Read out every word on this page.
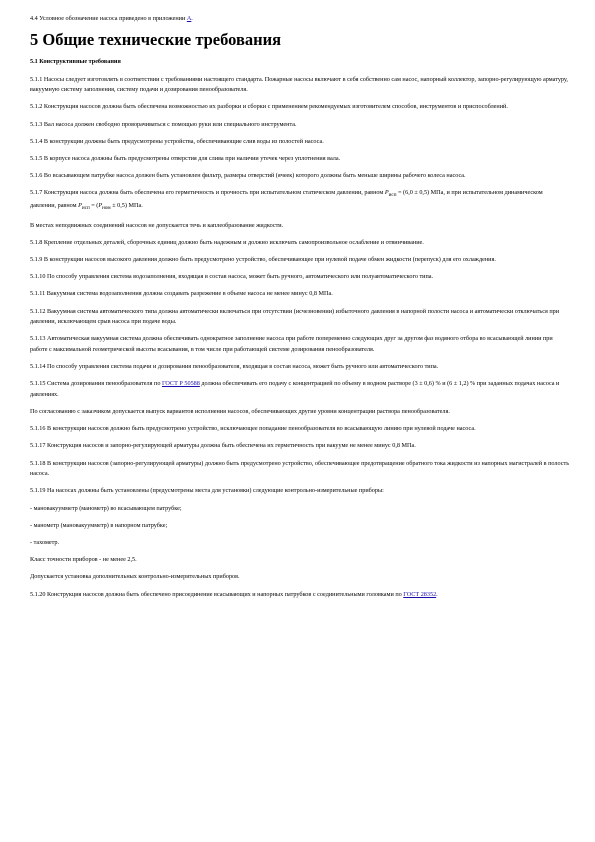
4.4 Условное обозначение насоса приведено в приложении А.

5 Общие технические требования

5.1 Конструктивные требования

5.1.1 Насосы следует изготовлять в соответствии с требованиями настоящего стандарта. Пожарные насосы включают в себя собственно сам насос, напорный коллектор, запорно-регулирующую арматуру, вакуумную систему заполнения, систему подачи и дозирования пенообразователя.

5.1.2 Конструкция насосов должна быть обеспечена возможностью их разборки и сборки с применением рекомендуемых изготовителем способов, инструментов и приспособлений.

5.1.3 Вал насоса должен свободно проворачиваться с помощью руки или специального инструмента.

5.1.4 В конструкции должны быть предусмотрены устройства, обеспечивающие слив воды из полостей насоса.

5.1.5 В корпусе насоса должны быть предусмотрены отверстия для слива при наличии утечек через уплотнения вала.

5.1.6 Во всасывающем патрубке насоса должен быть установлен фильтр, размеры отверстий (ячеек) которого должны быть меньше ширины рабочего колеса насоса.

5.1.7 Конструкция насоса должна быть обеспечена его герметичность и прочность при испытательном статическом давлении, равном $P_{исп} = (6,0 \pm 0,5)$ МПа, и при испытательном динамическом давлении, равном $P_{исп} = (P_{ном} \pm 0,5)$ МПа.

В местах неподвижных соединений насосов не допускается течь и каплеобразование жидкости.

5.1.8 Крепление отдельных деталей, сборочных единиц должно быть надежным и должно исключать самопроизвольное ослабление и отвинчивание.

5.1.9 В конструкции насосов высокого давления должно быть предусмотрено устройство, обеспечивающее при нулевой подаче обмен жидкости (перепуск) для его охлаждения.

5.1.10 По способу управления система водозаполнения, входящая в состав насоса, может быть ручного, автоматического или полуавтоматического типа.

5.1.11 Вакуумная система водозаполнения должна создавать разрежение в объеме насоса не менее минус 0,8 МПа.

5.1.12 Вакуумная система автоматического типа должна автоматически включаться при отсутствии (исчезновении) избыточного давления в напорной полости насоса и автоматически отключаться при давлении, исключающем срыв насоса при подаче воды.

5.1.13 Автоматическая вакуумная система должна обеспечивать однократное заполнение насоса при работе попеременно следующих друг за другом фаз водяного отбора во всасывающей линии при работе с максимальной геометрической высоты всасывания, в том числе при работающей системе дозирования пенообразователя.

5.1.14 По способу управления система подачи и дозирования пенообразователя, входящая в состав насоса, может быть ручного или автоматического типа.

5.1.15 Система дозирования пенообразователя по ГОСТ Р 50588 должна обеспечивать его подачу с концентрацией по объему в водном растворе (3 ± 0,6) % и (6 ± 1,2) % при заданных подачах насоса и давлениях.

По согласованию с заказчиком допускается выпуск вариантов исполнения насосов, обеспечивающих другие уровни концентрации раствора пенообразователя.

5.1.16 В конструкции насосов должно быть предусмотрено устройство, исключающее попадание пенообразователя во всасывающую линию при нулевой подаче насоса.

5.1.17 Конструкция насосов и запорно-регулирующей арматуры должна быть обеспечена их герметичность при вакууме не менее минус 0,8 МПа.

5.1.18 В конструкции насосов (запорно-регулирующей арматуры) должно быть предусмотрено устройство, обеспечивающее предотвращение обратного тока жидкости из напорных магистралей в полость насоса.

5.1.19 На насосах должны быть установлены (предусмотрены места для установки) следующие контрольно-измерительные приборы:

- мановакуумметр (манометр) во всасывающем патрубке;

- манометр (мановакуумметр) в напорном патрубке;

- тахометр.

Класс точности приборов - не менее 2,5.

Допускается установка дополнительных контрольно-измерительных приборов.

5.1.20 Конструкция насосов должна быть обеспечено присоединение всасывающих и напорных патрубков с соединительными головками по ГОСТ 28352.
